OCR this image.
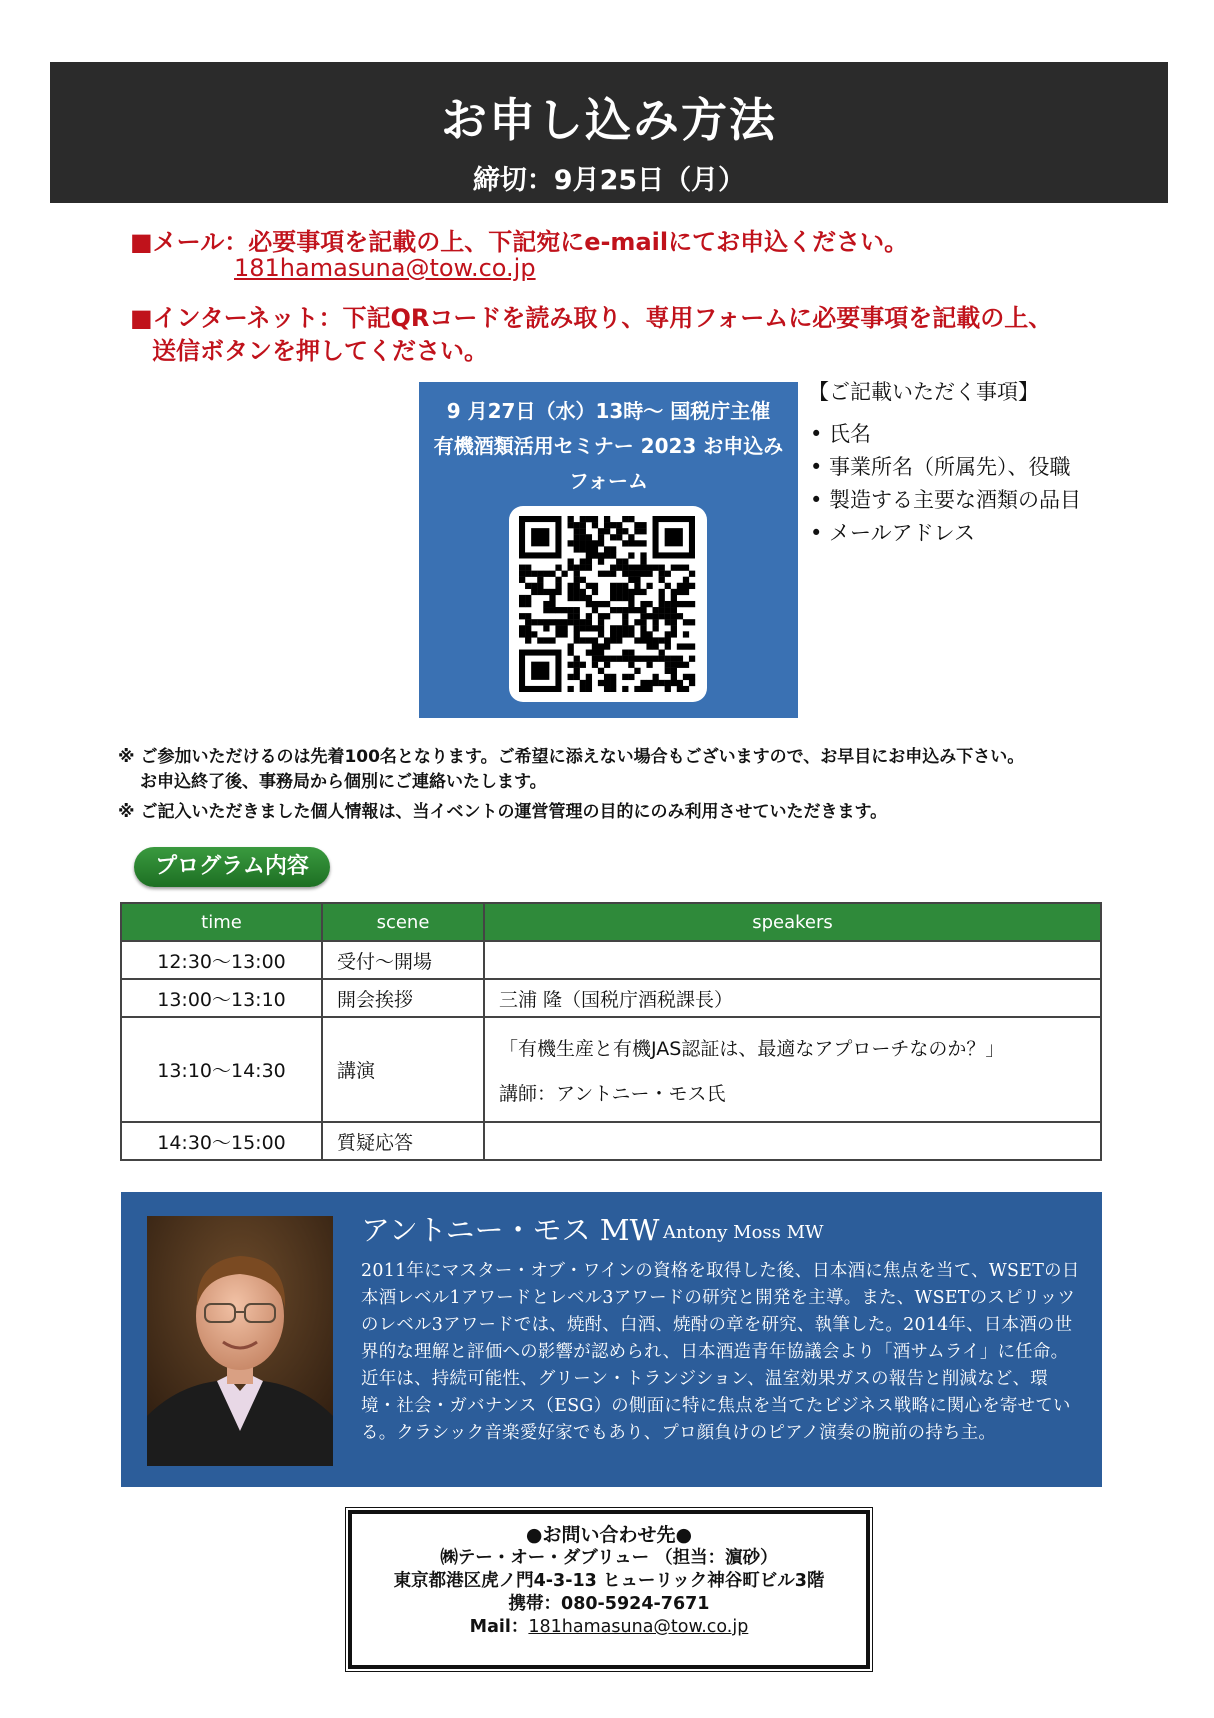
お申し込み方法
締切：9月25日（月）
■メール：必要事項を記載の上、下記宛にe-mailにてお申込ください。
181hamasuna@tow.co.jp
■インターネット：下記QRコードを読み取り、専用フォームに必要事項を記載の上、
送信ボタンを押してください。
9 月27日（水）13時〜 国税庁主催
有機酒類活用セミナー 2023 お申込み
フォーム
【ご記載いただく事項】
• 氏名
• 事業所名（所属先）、役職
• 製造する主要な酒類の品目
• メールアドレス
※ ご参加いただけるのは先着100名となります。ご希望に添えない場合もございますので、お早目にお申込み下さい。
お申込終了後、事務局から個別にご連絡いたします。
※ ご記入いただきました個人情報は、当イベントの運営管理の目的にのみ利用させていただきます。
プログラム内容
time	scene	speakers
12:30〜13:00	受付〜開場	
13:00〜13:10	開会挨拶	三浦 隆（国税庁酒税課長）
13:10〜14:30	講演	「有機生産と有機JAS認証は、最適なアプローチなのか？」
講師：アントニー・モス氏

14:30〜15:00	質疑応答	
アントニー・モス MW Antony Moss MW
2011年にマスター・オブ・ワインの資格を取得した後、日本酒に焦点を当て、WSETの日本酒レベル1アワードとレベル3アワードの研究と開発を主導。また、WSETのスピリッツのレベル3アワードでは、焼酎、白酒、焼酎の章を研究、執筆した。2014年、日本酒の世界的な理解と評価への影響が認められ、日本酒造青年協議会より「酒サムライ」に任命。近年は、持続可能性、グリーン・トランジション、温室効果ガスの報告と削減など、環境・社会・ガバナンス（ESG）の側面に特に焦点を当てたビジネス戦略に関心を寄せている。クラシック音楽愛好家でもあり、プロ顔負けのピアノ演奏の腕前の持ち主。
●お問い合わせ先●
㈱テー・オー・ダブリュー （担当：濵砂）
東京都港区虎ノ門4-3-13 ヒューリック神谷町ビル3階
携帯：080-5924-7671
Mail：181hamasuna@tow.co.jp
